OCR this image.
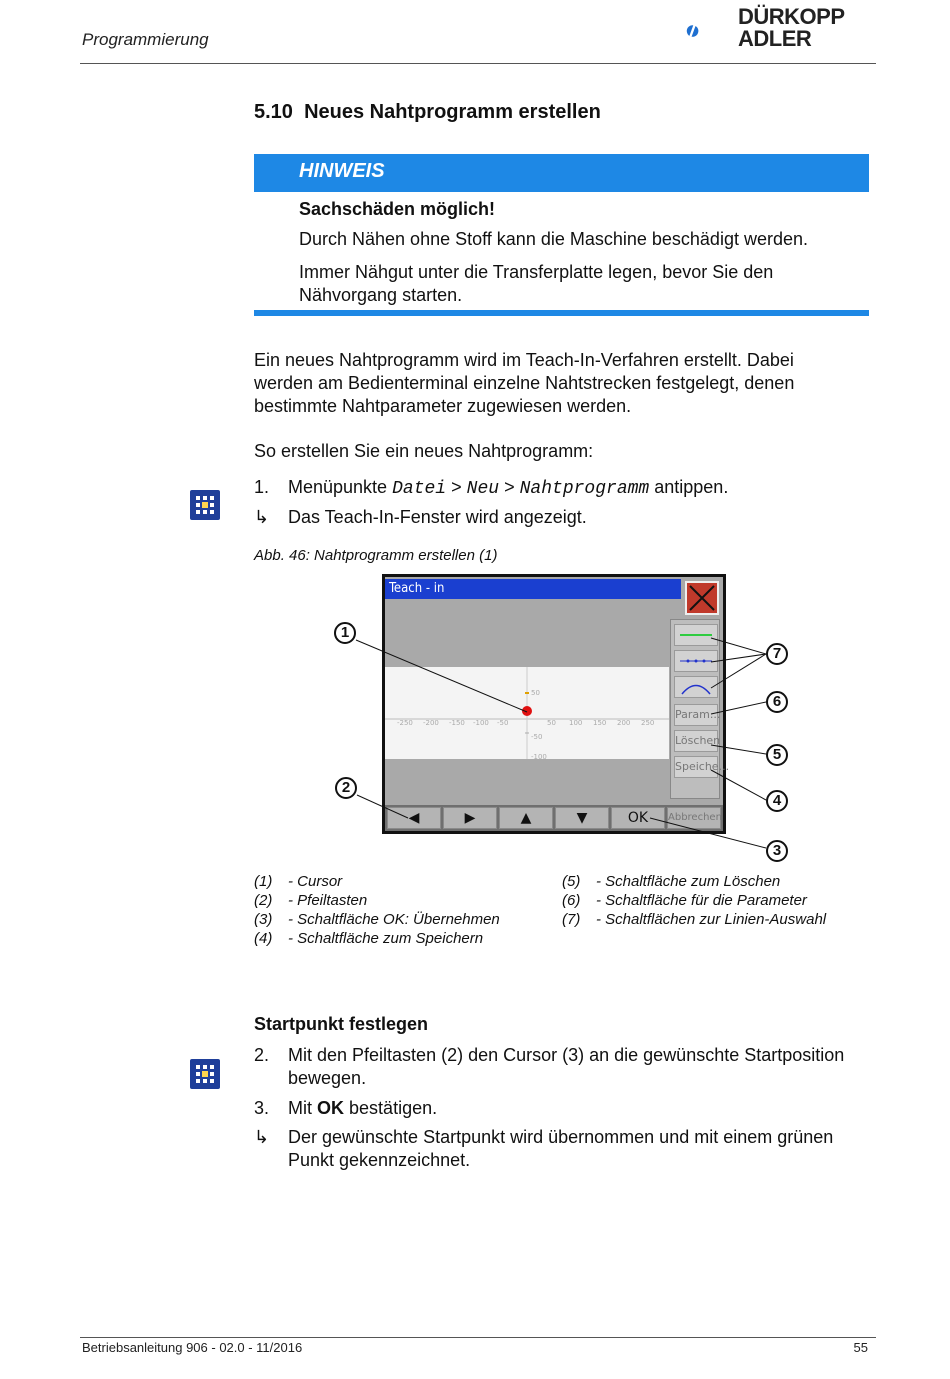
Programmierung
DÜRKOPP
ADLER
5.10 Neues Nahtprogramm erstellen
HINWEIS
Sachschäden möglich!
Durch Nähen ohne Stoff kann die Maschine beschädigt werden.
Immer Nähgut unter die Transferplatte legen, bevor Sie den
Nähvorgang starten.
Ein neues Nahtprogramm wird im Teach-In-Verfahren erstellt. Dabei
werden am Bedienterminal einzelne Nahtstrecken festgelegt, denen
bestimmte Nahtparameter zugewiesen werden.
So erstellen Sie ein neues Nahtprogramm:
1. Menüpunkte Datei > Neu > Nahtprogramm antippen.
↳ Das Teach-In-Fenster wird angezeigt.
Abb. 46: Nahtprogramm erstellen (1)
Teach - in
-250 -200 -150 -100 -50	50 100 150 200 250
50
-50
-100
Param...
Löschen
Speiche...
◀	▶	▲	▼	OK	Abbrechen
1
2
3
4
5
6
7
(1) - Cursor
(2) - Pfeiltasten
(3) - Schaltfläche OK: Übernehmen
(4) - Schaltfläche zum Speichern
(5) - Schaltfläche zum Löschen
(6) - Schaltfläche für die Parameter
(7) - Schaltflächen zur Linien-Auswahl
Startpunkt festlegen
2. Mit den Pfeiltasten (2) den Cursor (3) an die gewünschte Startposition
bewegen.
3. Mit OK bestätigen.
↳ Der gewünschte Startpunkt wird übernommen und mit einem grünen
Punkt gekennzeichnet.
Betriebsanleitung 906 - 02.0 - 11/2016	55
